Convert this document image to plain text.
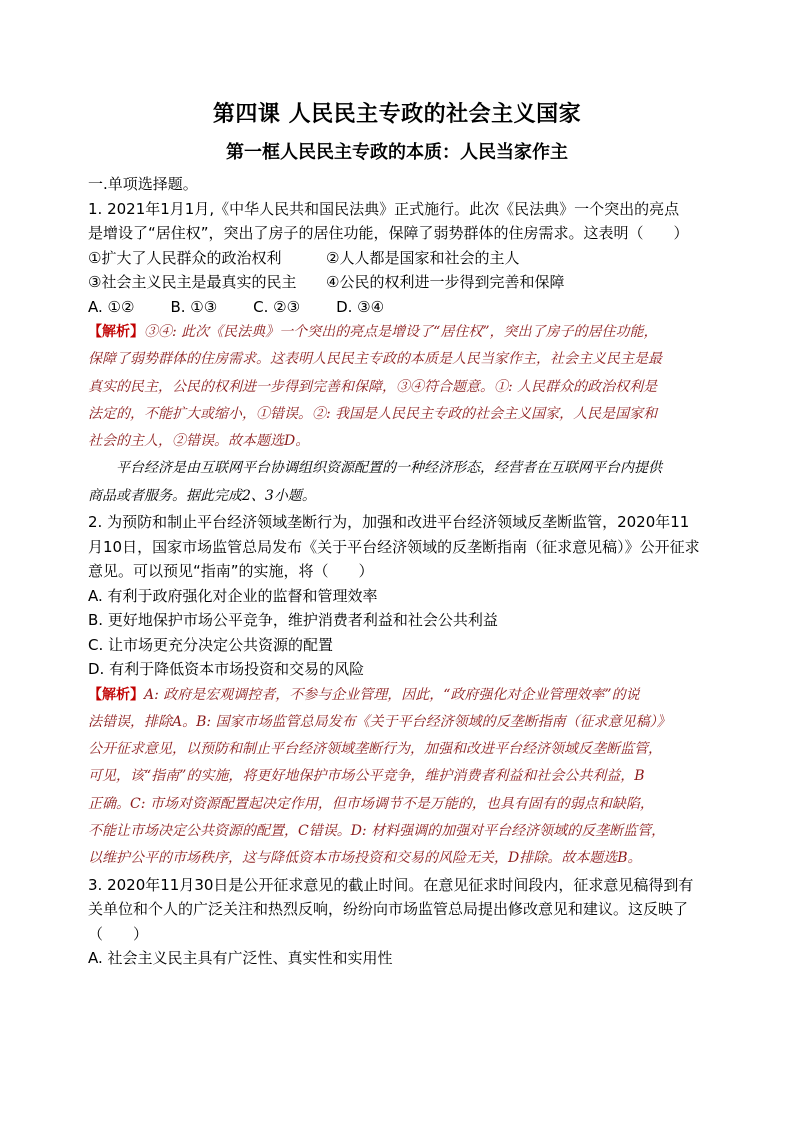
第四课 人民民主专政的社会主义国家
第一框人民民主专政的本质：人民当家作主

一.单项选择题。

1. 2021年1月1月,《中华人民共和国民法典》正式施行。此次《民法典》一个突出的亮点

是增设了“居住权”，突出了房子的居住功能，保障了弱势群体的住房需求。这表明（　　）

①扩大了人民群众的政治权利	②人人都是国家和社会的主人
③社会主义民主是最真实的民主	④公民的权利进一步得到完善和保障
A. ①② B. ①③ C. ②③ D. ③④

【解析】③④: 此次《民法典》一个突出的亮点是增设了“居住权”，突出了房子的居住功能，

保障了弱势群体的住房需求。这表明人民民主专政的本质是人民当家作主，社会主义民主是最

真实的民主，公民的权利进一步得到完善和保障，③④符合题意。①: 人民群众的政治权利是

法定的，不能扩大或缩小，①错误。②: 我国是人民民主专政的社会主义国家，人民是国家和

社会的主人，②错误。故本题选D。

平台经济是由互联网平台协调组织资源配置的一种经济形态，经营者在互联网平台内提供

商品或者服务。据此完成2、3小题。

2. 为预防和制止平台经济领域垄断行为，加强和改进平台经济领域反垄断监管，2020年11

月10日，国家市场监管总局发布《关于平台经济领域的反垄断指南（征求意见稿）》公开征求

意见。可以预见“指南”的实施，将（　　）

A. 有利于政府强化对企业的监督和管理效率

B. 更好地保护市场公平竞争，维护消费者利益和社会公共利益

C. 让市场更充分决定公共资源的配置

D. 有利于降低资本市场投资和交易的风险

【解析】A: 政府是宏观调控者，不参与企业管理，因此，“政府强化对企业管理效率”的说

法错误，排除A。B: 国家市场监管总局发布《关于平台经济领域的反垄断指南（征求意见稿）》

公开征求意见，以预防和制止平台经济领域垄断行为，加强和改进平台经济领域反垄断监管，

可见，该“指南”的实施，将更好地保护市场公平竞争，维护消费者利益和社会公共利益，B

正确。C: 市场对资源配置起决定作用，但市场调节不是万能的，也具有固有的弱点和缺陷，

不能让市场决定公共资源的配置，C错误。D: 材料强调的加强对平台经济领域的反垄断监管，

以维护公平的市场秩序，这与降低资本市场投资和交易的风险无关，D排除。故本题选B。

3. 2020年11月30日是公开征求意见的截止时间。在意见征求时间段内，征求意见稿得到有

关单位和个人的广泛关注和热烈反响，纷纷向市场监管总局提出修改意见和建议。这反映了

（　　）

A. 社会主义民主具有广泛性、真实性和实用性
